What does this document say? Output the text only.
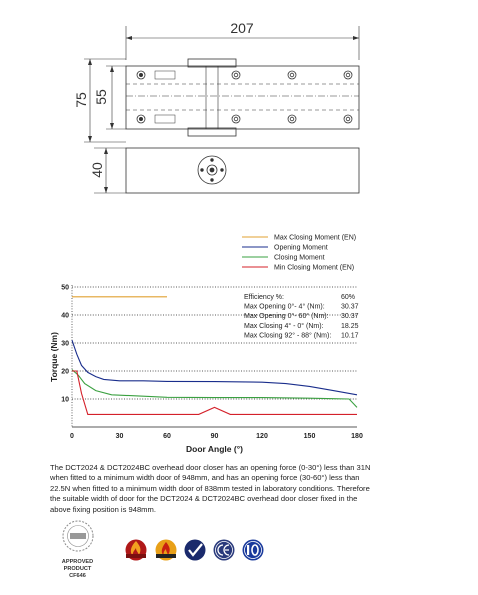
207
75 55
40
Max Closing Moment (EN)
Opening Moment
Closing Moment
Min Closing Moment (EN)
10
20
30
40
50
0	30	60	90	120	150	180
Door Angle (°)
Torque (Nm)
Efficiency %:	60%
Max Opening 0°- 4° (Nm): 30.37
Max Opening 0°- 60° (Nm): 30.37
Max Closing 4° - 0° (Nm): 18.25
Max Closing 92° - 88° (Nm): 10.17
The DCT2024 & DCT2024BC overhead door closer has an opening force (0-30°) less than 31N when fitted to a minimum width door of 948mm, and has an opening force (30-60°) less than 22.5N when fitted to a minimum width door of 838mm tested in laboratory conditions. Therefore the suitable width of door for the DCT2024 & DCT2024BC overhead door closer fixed in the above fixing position is 948mm.
APPROVED PRODUCT
CF646
